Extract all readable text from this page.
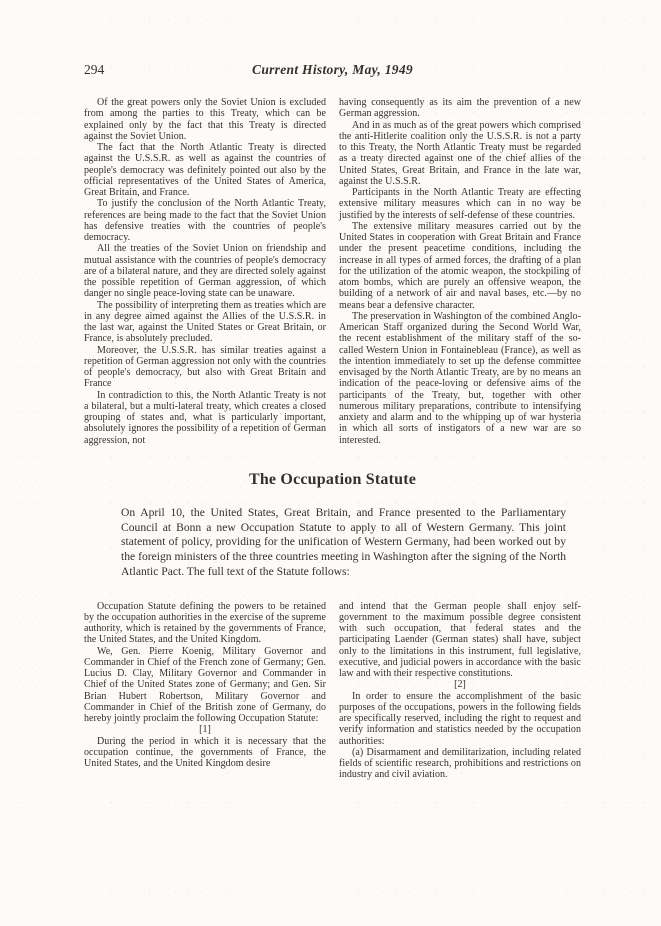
294	Current History, May, 1949

Of the great powers only the Soviet Union is excluded from among the parties to this Treaty, which can be explained only by the fact that this Treaty is directed against the Soviet Union.

The fact that the North Atlantic Treaty is directed against the U.S.S.R. as well as against the countries of people's democracy was definitely pointed out also by the official representatives of the United States of America, Great Britain, and France.

To justify the conclusion of the North Atlantic Treaty, references are being made to the fact that the Soviet Union has defensive treaties with the countries of people's democracy.

All the treaties of the Soviet Union on friendship and mutual assistance with the countries of people's democracy are of a bilateral nature, and they are directed solely against the possible repetition of German aggression, of which danger no single peace-loving state can be unaware.

The possibility of interpreting them as treaties which are in any degree aimed against the Allies of the U.S.S.R. in the last war, against the United States or Great Britain, or France, is absolutely precluded.

Moreover, the U.S.S.R. has similar treaties against a repetition of German aggression not only with the countries of people's democracy, but also with Great Britain and France

In contradiction to this, the North Atlantic Treaty is not a bilateral, but a multi-lateral treaty, which creates a closed grouping of states and, what is particularly important, absolutely ignores the possibility of a repetition of German aggression, not

having consequently as its aim the prevention of a new German aggression.

And in as much as of the great powers which comprised the anti-Hitlerite coalition only the U.S.S.R. is not a party to this Treaty, the North Atlantic Treaty must be regarded as a treaty directed against one of the chief allies of the United States, Great Britain, and France in the late war, against the U.S.S.R.

Participants in the North Atlantic Treaty are effecting extensive military measures which can in no way be justified by the interests of self-defense of these countries.

The extensive military measures carried out by the United States in cooperation with Great Britain and France under the present peacetime conditions, including the increase in all types of armed forces, the drafting of a plan for the utilization of the atomic weapon, the stockpiling of atom bombs, which are purely an offensive weapon, the building of a network of air and naval bases, etc.—by no means bear a defensive character.

The preservation in Washington of the combined Anglo-American Staff organized during the Second World War, the recent establishment of the military staff of the so-called Western Union in Fontainebleau (France), as well as the intention immediately to set up the defense committee envisaged by the North Atlantic Treaty, are by no means an indication of the peace-loving or defensive aims of the participants of the Treaty, but, together with other numerous military preparations, contribute to intensifying anxiety and alarm and to the whipping up of war hysteria in which all sorts of instigators of a new war are so interested.

The Occupation Statute
On April 10, the United States, Great Britain, and France presented to the Parliamentary Council at Bonn a new Occupation Statute to apply to all of Western Germany. This joint statement of policy, providing for the unification of Western Germany, had been worked out by the foreign ministers of the three countries meeting in Washington after the signing of the North Atlantic Pact. The full text of the Statute follows:

Occupation Statute defining the powers to be retained by the occupation authorities in the exercise of the supreme authority, which is retained by the governments of France, the United States, and the United Kingdom.

We, Gen. Pierre Koenig, Military Governor and Commander in Chief of the French zone of Germany; Gen. Lucius D. Clay, Military Governor and Commander in Chief of the United States zone of Germany; and Gen. Sir Brian Hubert Robertson, Military Governor and Commander in Chief of the British zone of Germany, do hereby jointly proclaim the following Occupation Statute:

[1]

During the period in which it is necessary that the occupation continue, the governments of France, the United States, and the United Kingdom desire

and intend that the German people shall enjoy self-government to the maximum possible degree consistent with such occupation, that federal states and the participating Laender (German states) shall have, subject only to the limitations in this instrument, full legislative, executive, and judicial powers in accordance with the basic law and with their respective constitutions.

[2]

In order to ensure the accomplishment of the basic purposes of the occupations, powers in the following fields are specifically reserved, including the right to request and verify information and statistics needed by the occupation authorities:

(a) Disarmament and demilitarization, including related fields of scientific research, prohibitions and restrictions on industry and civil aviation.
